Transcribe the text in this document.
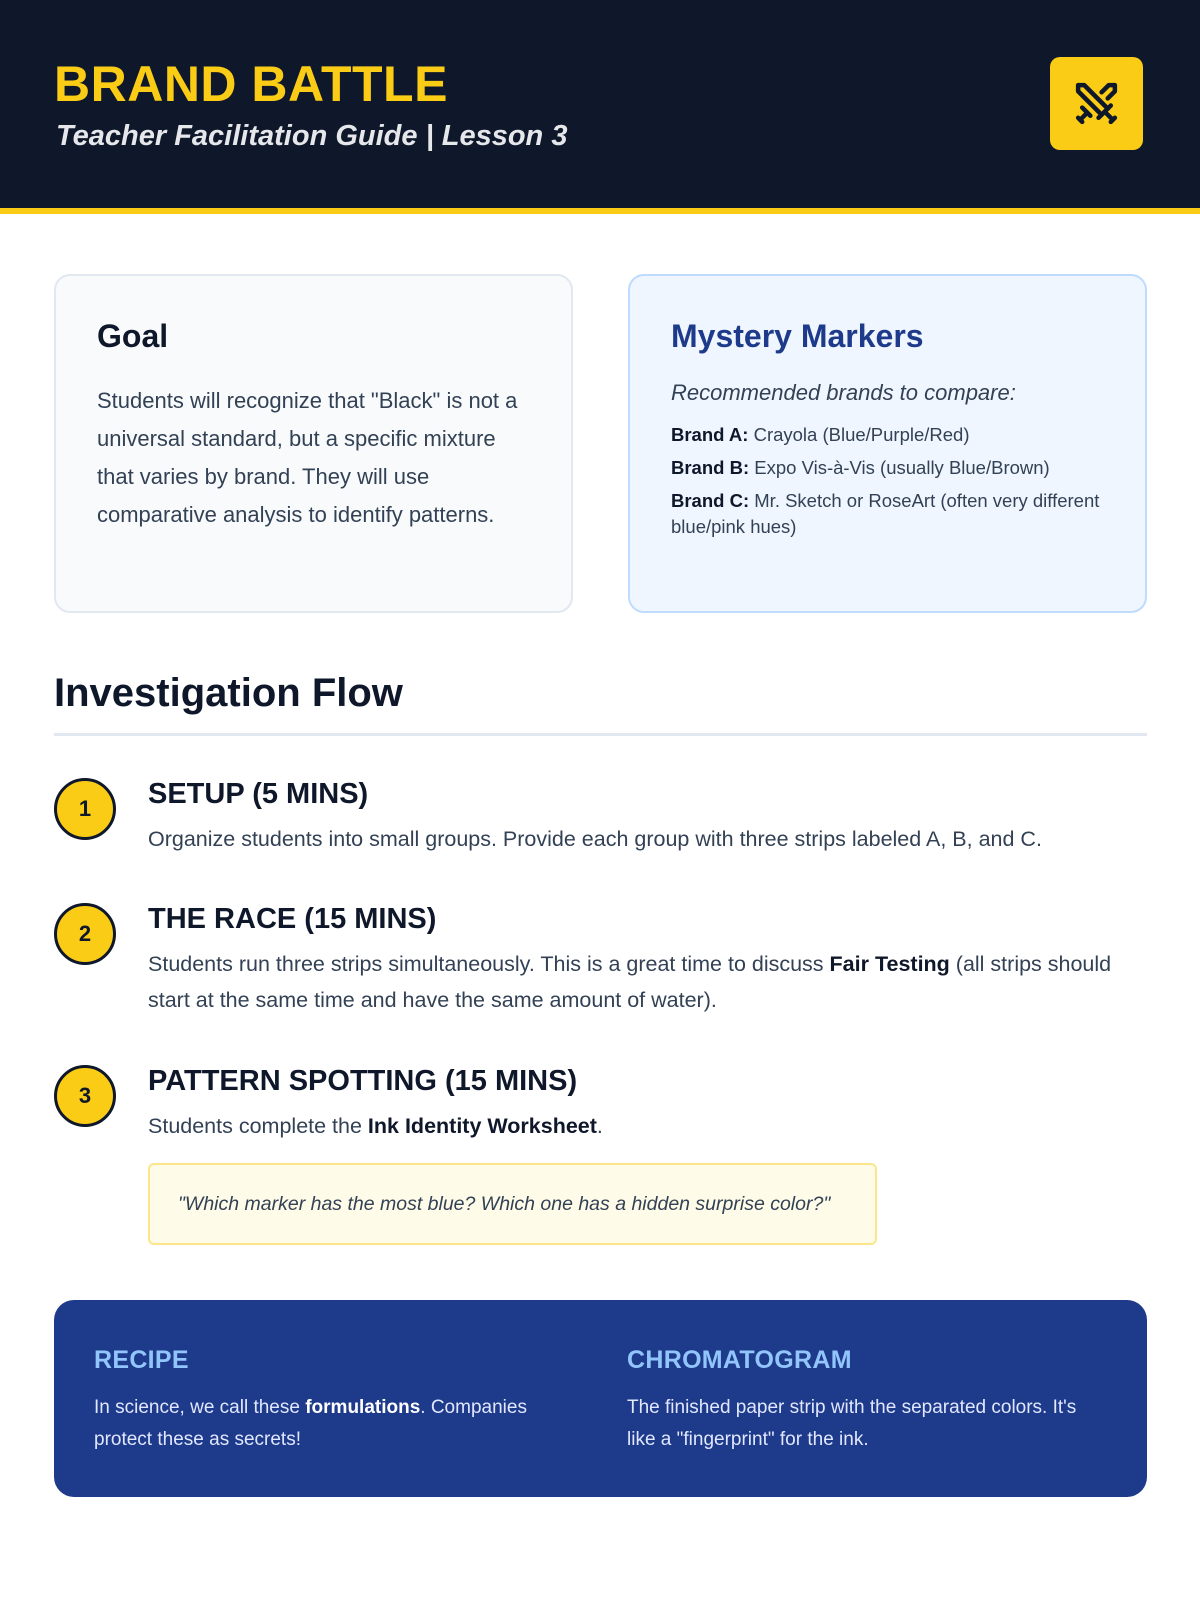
BRAND BATTLE

Teacher Facilitation Guide | Lesson 3

Goal

Students will recognize that "Black" is not a universal standard, but a specific mixture that varies by brand. They will use comparative analysis to identify patterns.

Mystery Markers

Recommended brands to compare:

Brand A: Crayola (Blue/Purple/Red)
Brand B: Expo Vis-à-Vis (usually Blue/Brown)
Brand C: Mr. Sketch or RoseArt (often very different blue/pink hues)
Investigation Flow
1	SETUP (5 MINS)

Organize students into small groups. Provide each group with three strips labeled A, B, and C.

2	THE RACE (15 MINS)

Students run three strips simultaneously. This is a great time to discuss Fair Testing (all strips should start at the same time and have the same amount of water).

3	PATTERN SPOTTING (15 MINS)

Students complete the Ink Identity Worksheet.

"Which marker has the most blue? Which one has a hidden surprise color?"
RECIPE

In science, we call these formulations. Companies protect these as secrets!

CHROMATOGRAM

The finished paper strip with the separated colors. It's like a "fingerprint" for the ink.
